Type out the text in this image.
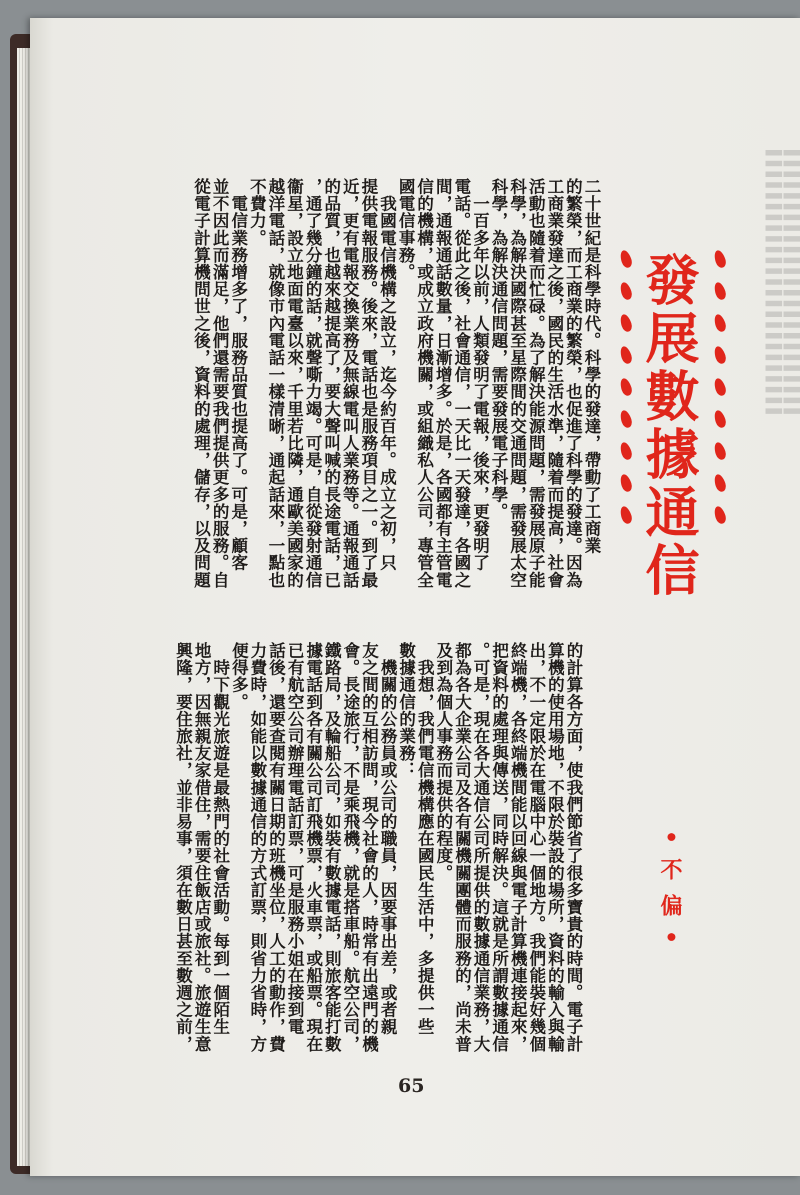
▌▌▌▌▌▌▌▌▌▌▌▌▌▌▌▌▌▌▌▌▌▌▌▌▌ ▌▌▌▌▌▌▌▌▌▌▌▌▌▌▌▌▌▌▌▌▌▌▌▌▌
二十世紀是科學時代。科學的發達，帶動了工商業
的繁榮，而工商業的繁榮，也促進了科學的發達。因為
工商業發達之後，國民的生活水準，隨着而提高，社會
活動也隨着而忙碌。為了解決能源問題，需發展原子能
科學，為解決國際甚至星際間的交通問題，需發展太空
科學，為解決通信問題，需要發展電子科學。
　一百多年以前，人類發明了電報，後來，更發明了
電話。從此之後，社會通信，一天比一天發達，各國之
間，通報通話數量，日漸增多。於是，各國都有主管電
信的機構，或成立政府機關，或組織私人公司，專管全
國電信事務。
　我國電信機構之設立，迄今約百年。成立之初，只
提供電報服務。後來，電話也是服務項目之一。到了最
近，更有電報交換業務及無線電叫人業務等。通報通話
的品質，也越來越提高了，要大聲叫喊的長途電話，已
，通了幾分鐘的話，就聲嘶力竭。可是，自從發射通信
衞星，設立地面電臺以來，千里若比隣，通歐美國家的
越洋電話，就像市內電話一樣清晰，通起話來，一點也
不費力。
　電信業務增多了，服務品質也提高了。可是，顧客
並不因此而滿足，他們還需要我們提供更多的服務。自
從電子計算機問世之後，資料的處理，儲存，以及問題
的計算各方面，使我們節省了很多寶貴的時間。電子計
算機的使用場地，不限於裝設的場所，資料的輸入與輸
出，不一定限於在電腦中心一個地方。我們能裝好幾個
終端機，各終端機間能以回線與電子計算機連接起來，
把資料的處理與傳送，同時解決。這就是所謂數據通信
。可是，現在各大通信公司所提供的數據通信業務，大
都為各大企業公司及各有關機關團體而服務的，尚未普
及到為個人事務而提供的程度。
　我想，我們電信機構應在國民生活中，多提供一些
數據通信的業務：
　機關的公務員或公司的職員，因要事出差，或者親
友之間的互相訪問，現今社會的人，時常有出遠門的機
會。長途旅行，不是乘飛機，就是搭車船。航空公司，
鐵路局，及輪船公司，如裝有數據電話，則旅客能打數
據電話到各有關公司訂飛機票，火車票，或船票。現在
已有航空公司辦理電話訂票，可是服務小姐在接到電
話後，還要查閱有關日期的班機坐位，人工的動作，費
力費時，如能以數據通信的方式訂票，則省力省時，方
便得多。
　時下觀光旅遊是最熱門的社會活動。每到一個陌生
地方，因無親友家借住，需要住飯店或旅社。旅遊生意
興隆，要住旅社，並非易事，須在數日甚至數週之前，
發展數據通信
•不偏•
65
